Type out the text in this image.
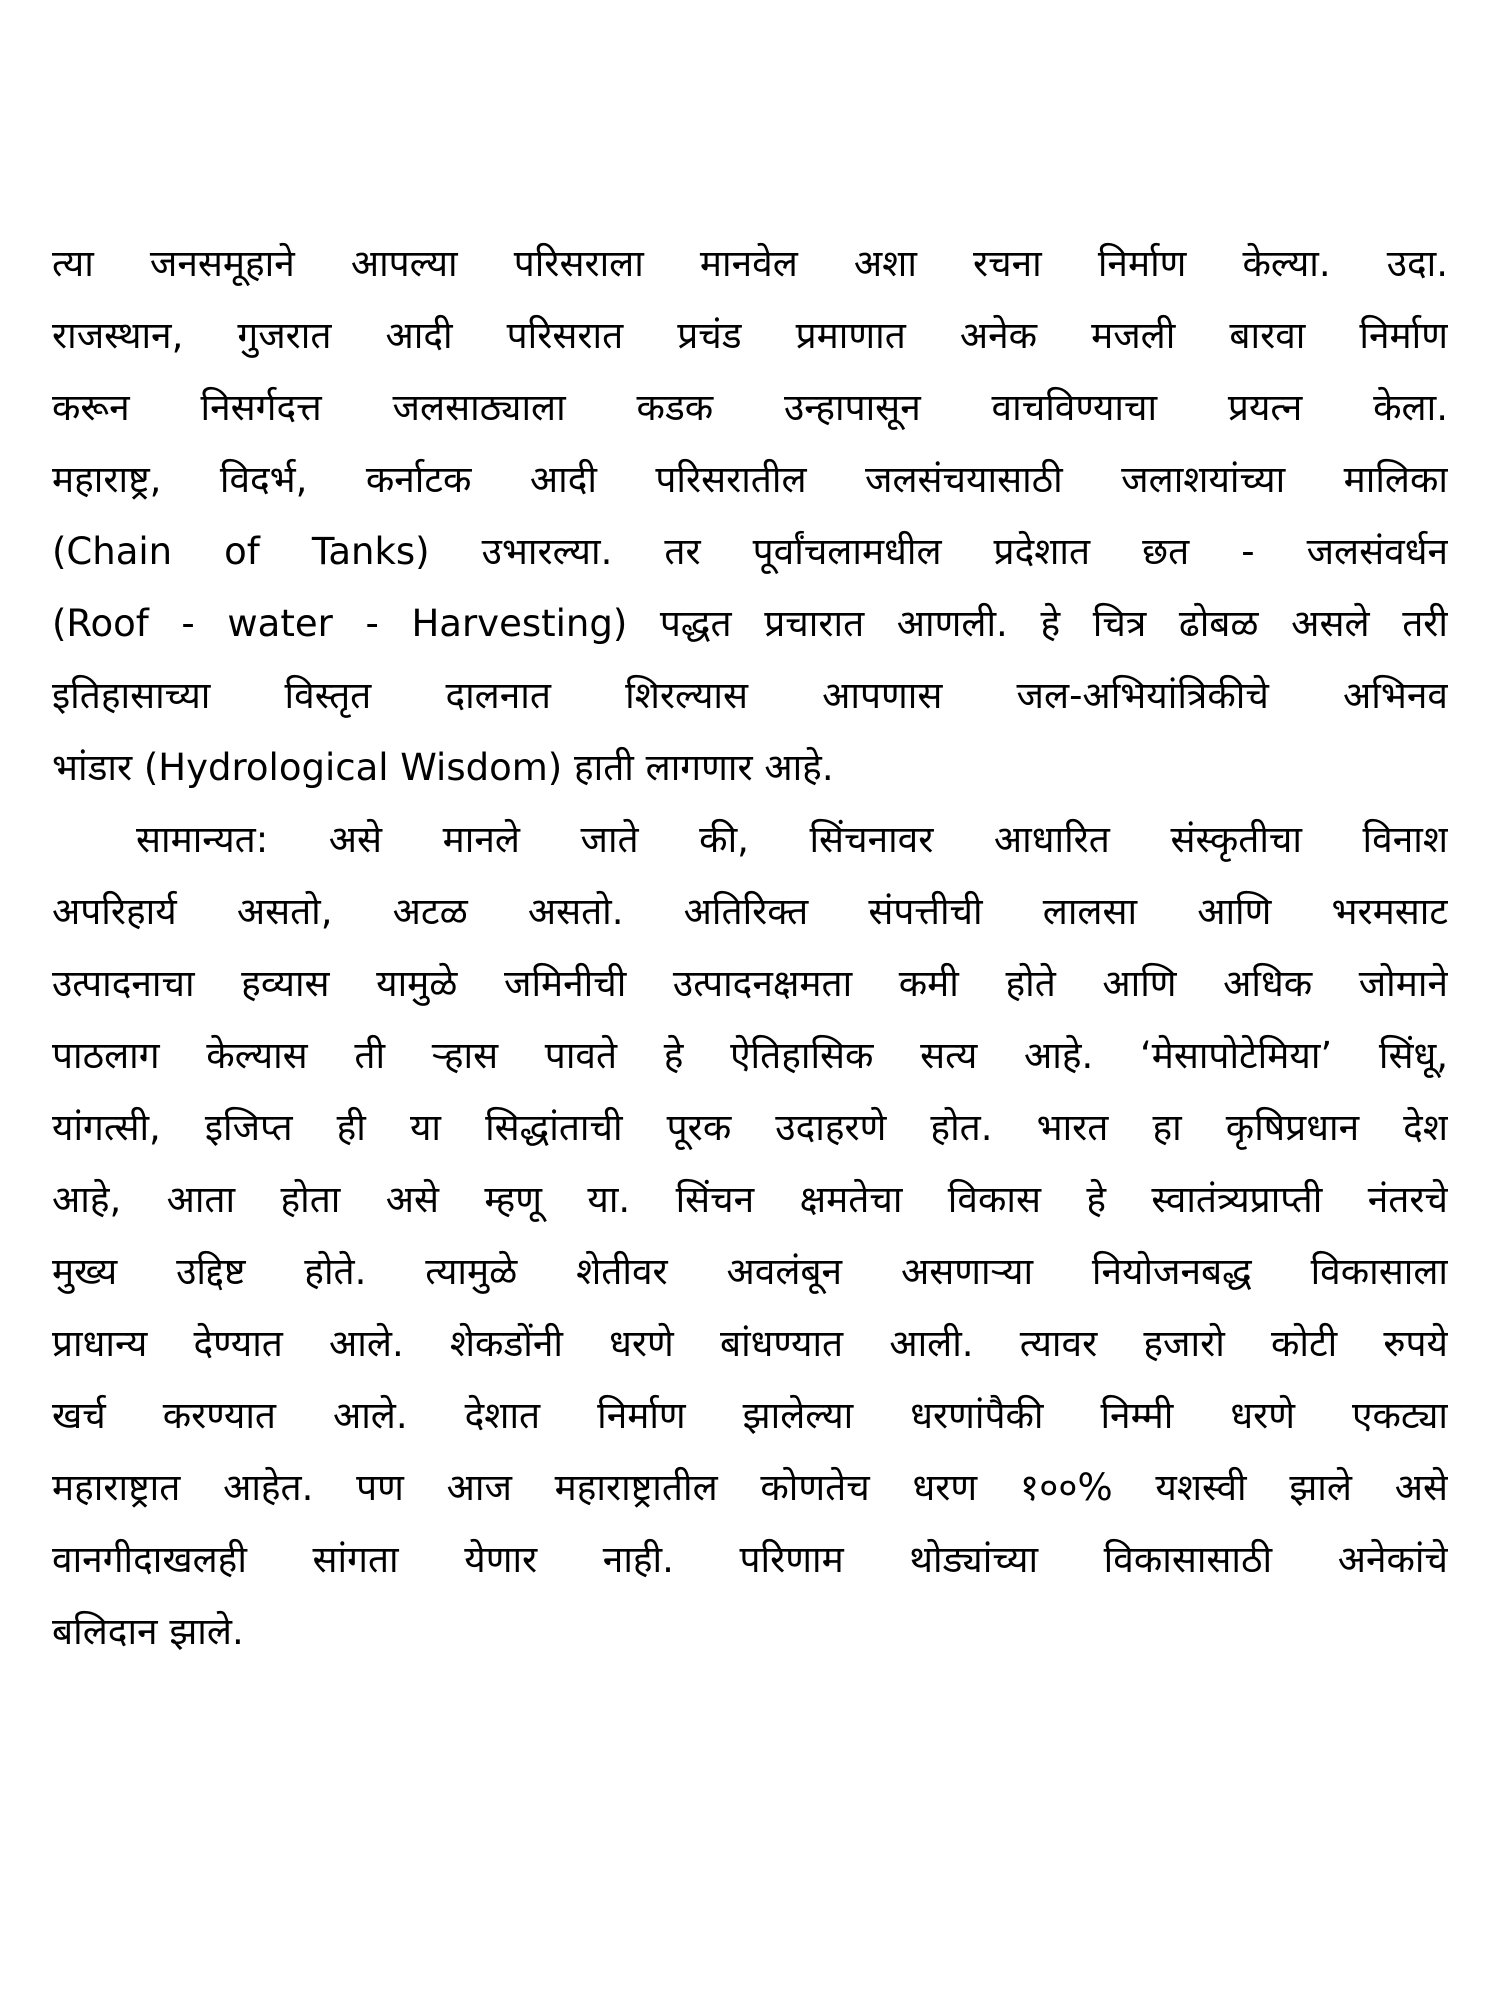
त्या जनसमूहाने आपल्या परिसराला मानवेल अशा रचना निर्माण केल्या. उदा.
राजस्थान, गुजरात आदी परिसरात प्रचंड प्रमाणात अनेक मजली बारवा निर्माण
करून निसर्गदत्त जलसाठ्याला कडक उन्हापासून वाचविण्याचा प्रयत्न केला.
महाराष्ट्र, विदर्भ, कर्नाटक आदी परिसरातील जलसंचयासाठी जलाशयांच्या मालिका
(Chain of Tanks) उभारल्या. तर पूर्वांचलामधील प्रदेशात छत - जलसंवर्धन
(Roof - water - Harvesting) पद्धत प्रचारात आणली. हे चित्र ढोबळ असले तरी
इतिहासाच्या विस्तृत दालनात शिरल्यास आपणास जल-अभियांत्रिकीचे अभिनव
भांडार (Hydrological Wisdom) हाती लागणार आहे.
सामान्यत: असे मानले जाते की, सिंचनावर आधारित संस्कृतीचा विनाश
अपरिहार्य असतो, अटळ असतो. अतिरिक्त संपत्तीची लालसा आणि भरमसाट
उत्पादनाचा हव्यास यामुळे जमिनीची उत्पादनक्षमता कमी होते आणि अधिक जोमाने
पाठलाग केल्यास ती ऱ्हास पावते हे ऐतिहासिक सत्य आहे. ‘मेसापोटेमिया’ सिंधू,
यांगत्सी, इजिप्त ही या सिद्धांताची पूरक उदाहरणे होत. भारत हा कृषिप्रधान देश
आहे, आता होता असे म्हणू या. सिंचन क्षमतेचा विकास हे स्वातंत्र्यप्राप्ती नंतरचे
मुख्य उद्दिष्ट होते. त्यामुळे शेतीवर अवलंबून असणाऱ्या नियोजनबद्ध विकासाला
प्राधान्य देण्यात आले. शेकडोंनी धरणे बांधण्यात आली. त्यावर हजारो कोटी रुपये
खर्च करण्यात आले. देशात निर्माण झालेल्या धरणांपैकी निम्मी धरणे एकट्या
महाराष्ट्रात आहेत. पण आज महाराष्ट्रातील कोणतेच धरण १००% यशस्वी झाले असे
वानगीदाखलही सांगता येणार नाही. परिणाम थोड्यांच्या विकासासाठी अनेकांचे
बलिदान झाले.
